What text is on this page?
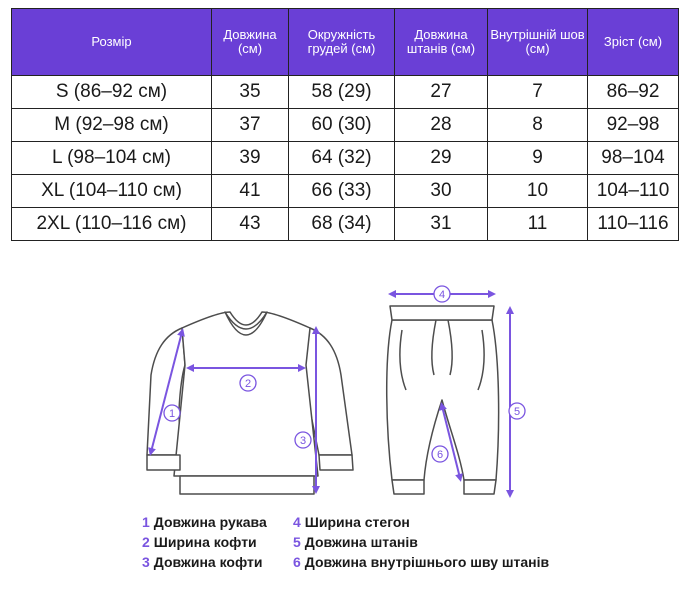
Розмір	Довжина (см)	Окружність грудей (см)	Довжина штанів (см)	Внутрішній шов (см)	Зріст (см)
S (86–92 см)	35	58 (29)	27	7	86–92
M (92–98 см)	37	60 (30)	28	8	92–98
L (98–104 см)	39	64 (32)	29	9	98–104
XL (104–110 см)	41	66 (33)	30	10	104–110
2XL (110–116 см)	43	68 (34)	31	11	110–116
1
2
3
4
5
6
1 Довжина рукава
2 Ширина кофти
3 Довжина кофти
4 Ширина стегон
5 Довжина штанів
6 Довжина внутрішнього шву штанів
